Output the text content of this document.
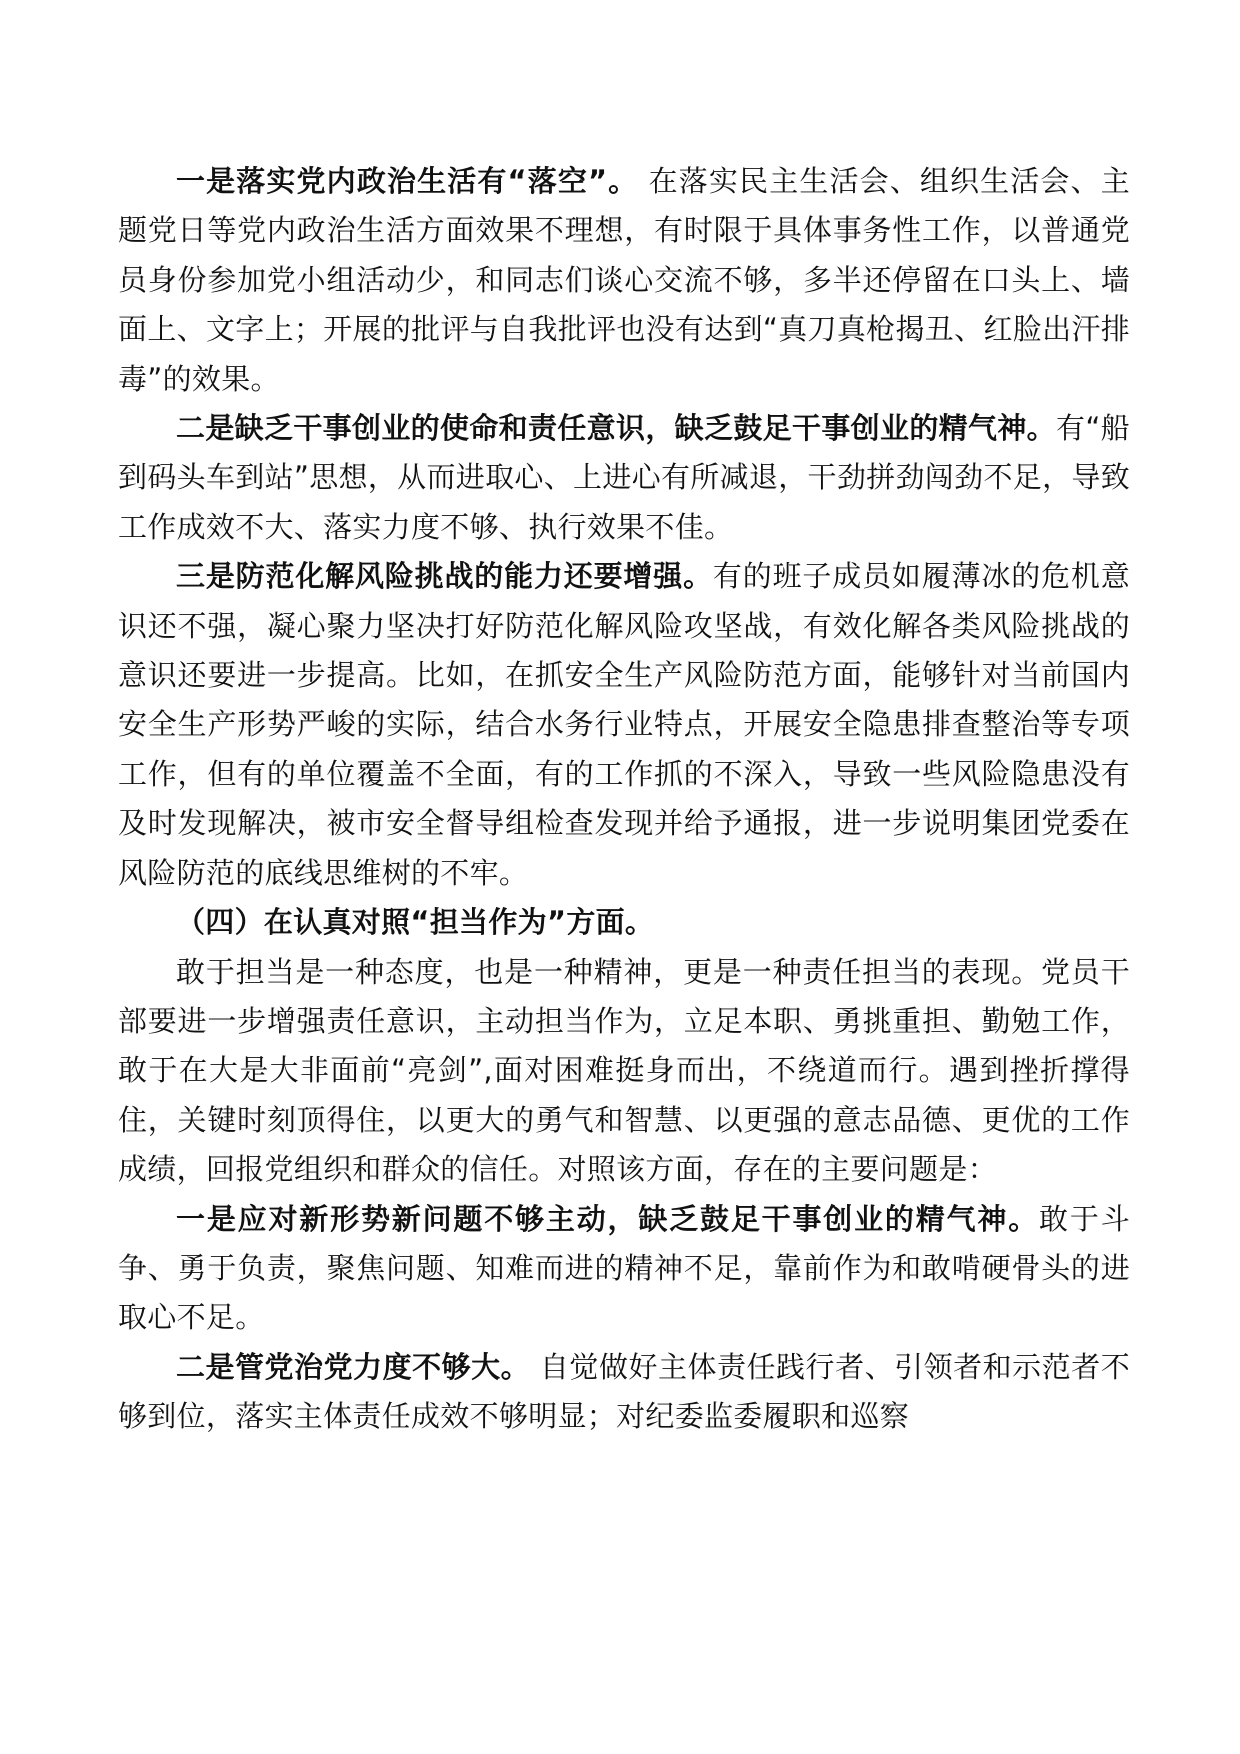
一是落实党内政治生活有“落空”。 在落实民主生活会、组织生活会、主题党日等党内政治生活方面效果不理想，有时限于具体事务性工作，以普通党员身份参加党小组活动少，和同志们谈心交流不够，多半还停留在口头上、墙面上、文字上；开展的批评与自我批评也没有达到“真刀真枪揭丑、红脸出汗排毒”的效果。

二是缺乏干事创业的使命和责任意识，缺乏鼓足干事创业的精气神。有“船到码头车到站”思想，从而进取心、上进心有所减退，干劲拼劲闯劲不足，导致工作成效不大、落实力度不够、执行效果不佳。

三是防范化解风险挑战的能力还要增强。有的班子成员如履薄冰的危机意识还不强，凝心聚力坚决打好防范化解风险攻坚战，有效化解各类风险挑战的意识还要进一步提高。比如，在抓安全生产风险防范方面，能够针对当前国内安全生产形势严峻的实际，结合水务行业特点，开展安全隐患排查整治等专项工作，但有的单位覆盖不全面，有的工作抓的不深入，导致一些风险隐患没有及时发现解决，被市安全督导组检查发现并给予通报，进一步说明集团党委在风险防范的底线思维树的不牢。

（四）在认真对照“担当作为”方面。

敢于担当是一种态度，也是一种精神，更是一种责任担当的表现。党员干部要进一步增强责任意识，主动担当作为，立足本职、勇挑重担、勤勉工作，敢于在大是大非面前“亮剑”,面对困难挺身而出，不绕道而行。遇到挫折撑得住，关键时刻顶得住，以更大的勇气和智慧、以更强的意志品德、更优的工作成绩，回报党组织和群众的信任。对照该方面，存在的主要问题是：

一是应对新形势新问题不够主动，缺乏鼓足干事创业的精气神。敢于斗争、勇于负责，聚焦问题、知难而进的精神不足，靠前作为和敢啃硬骨头的进取心不足。

二是管党治党力度不够大。 自觉做好主体责任践行者、引领者和示范者不够到位，落实主体责任成效不够明显；对纪委监委履职和巡察
